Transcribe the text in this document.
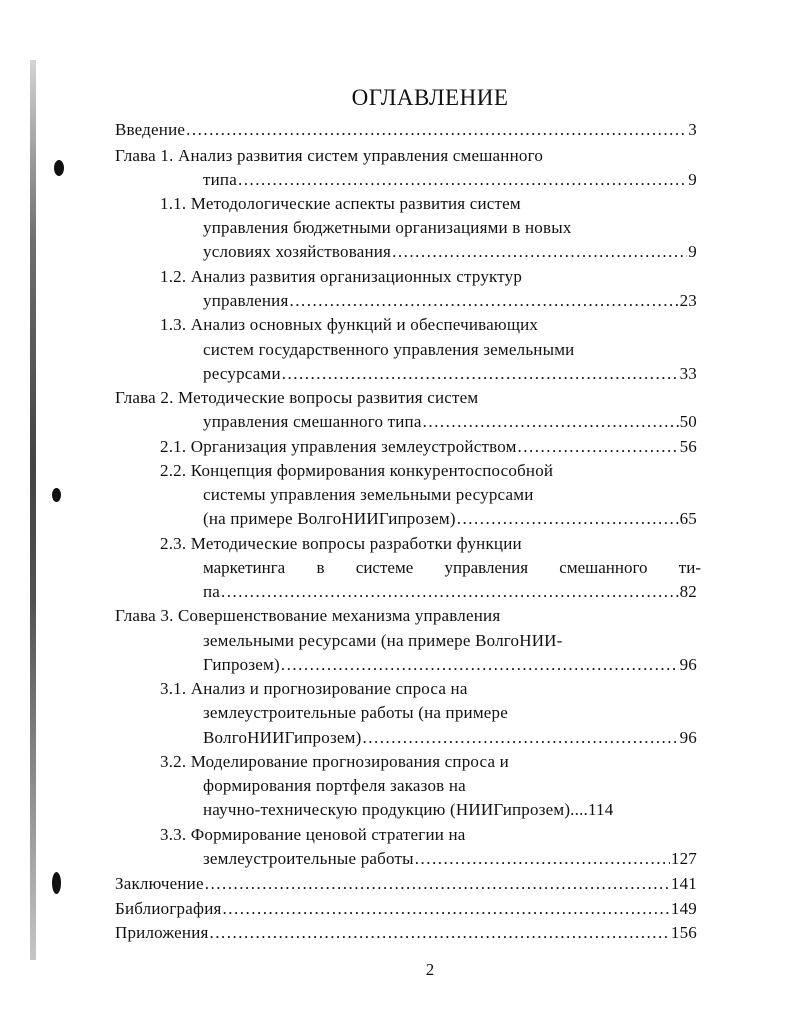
ОГЛАВЛЕНИЕ
Введение .....	3
Глава 1. Анализ развития систем управления смешанного
типа .....	9
1.1. Методологические аспекты развития систем
управления бюджетными организациями в новых
условиях хозяйствования .....	9
1.2. Анализ развития организационных структур
управления .....	23
1.3. Анализ основных функций и обеспечивающих
систем государственного управления земельными
ресурсами .....	33
Глава 2. Методические вопросы развития систем
управления смешанного типа .....	50
2.1. Организация управления землеустройством .....	56
2.2. Концепция формирования конкурентоспособной
системы управления земельными ресурсами
(на примере ВолгоНИИГипрозем) .....	65
2.3. Методические вопросы разработки функции
маркетинга в системе управления смешанного ти-
па .....	82
Глава 3. Совершенствование механизма управления
земельными ресурсами (на примере ВолгоНИИ-
Гипрозем) .....	96
3.1. Анализ и прогнозирование спроса на
землеустроительные работы (на примере
ВолгоНИИГипрозем) .....	96
3.2. Моделирование прогнозирования спроса и
формирования портфеля заказов на
научно-техническую продукцию (НИИГипрозем)....114
3.3. Формирование ценовой стратегии на
землеустроительные работы .....	127
Заключение .....	141
Библиография .....	149
Приложения .....	156
2
